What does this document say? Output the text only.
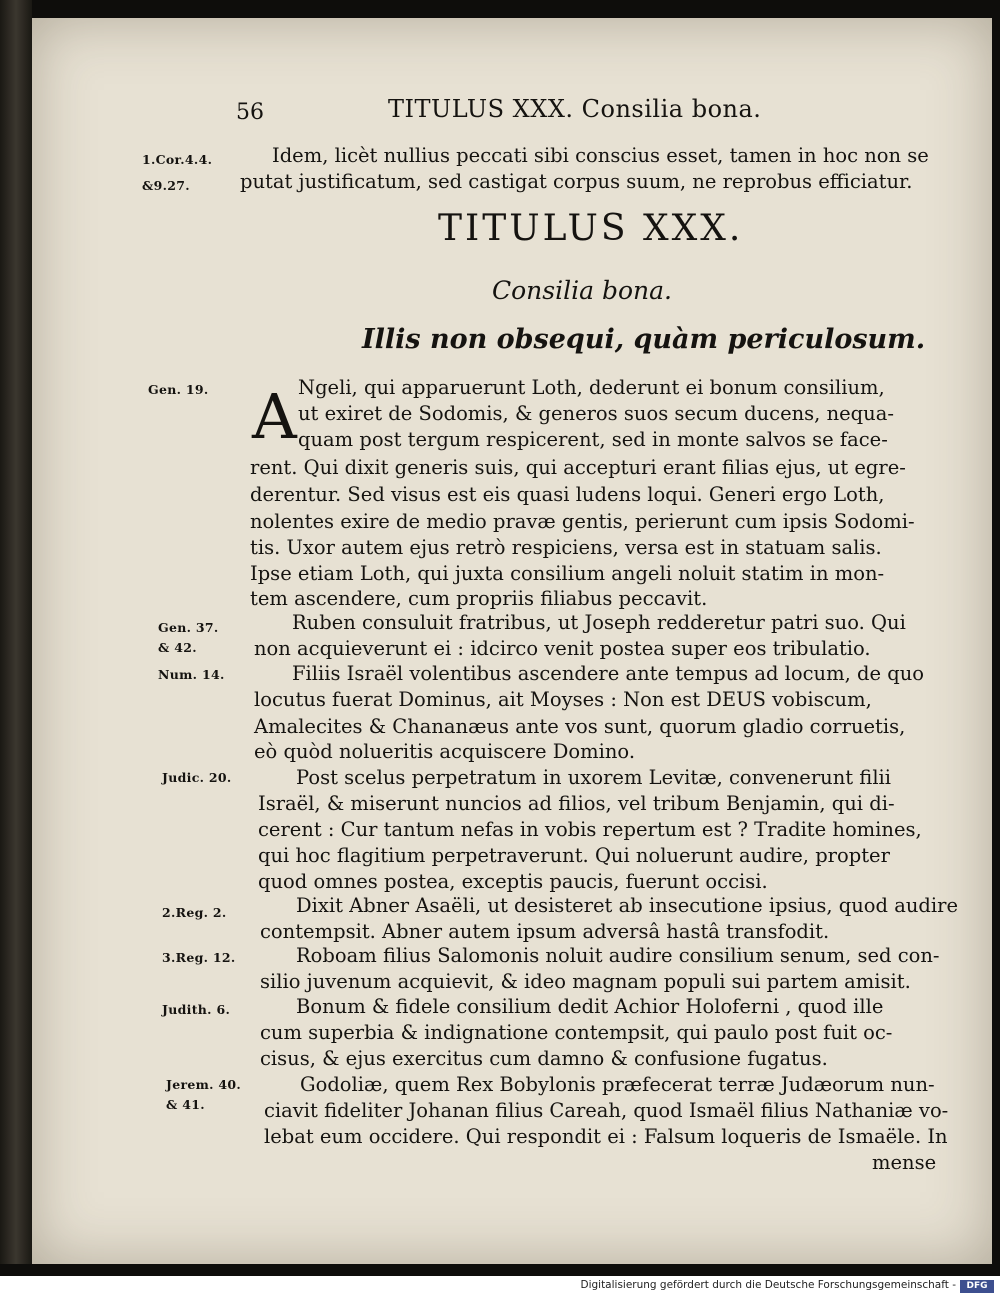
56	TITULUS XXX. Consilia bona.
1.Cor.4.4.
&9.27.
Idem, licèt nullius peccati sibi conscius esset, tamen in hoc non se
putat justificatum, sed castigat corpus suum, ne reprobus efficiatur.
TITULUS XXX.
Consilia bona.
Illis non obsequi, quàm periculosum.
Gen. 19. A Ngeli, qui apparuerunt Loth, dederunt ei bonum consilium,
ut exiret de Sodomis, & generos suos secum ducens, nequa-
quam post tergum respicerent, sed in monte salvos se face-
rent. Qui dixit generis suis, qui accepturi erant filias ejus, ut egre-
derentur. Sed visus est eis quasi ludens loqui. Generi ergo Loth,
nolentes exire de medio pravæ gentis, perierunt cum ipsis Sodomi-
tis. Uxor autem ejus retrò respiciens, versa est in statuam salis.
Ipse etiam Loth, qui juxta consilium angeli noluit statim in mon-
tem ascendere, cum propriis filiabus peccavit.
Gen. 37.
& 42.
Ruben consuluit fratribus, ut Joseph redderetur patri suo. Qui
non acquieverunt ei : idcirco venit postea super eos tribulatio.
Num. 14.	Filiis Israël volentibus ascendere ante tempus ad locum, de quo
locutus fuerat Dominus, ait Moyses : Non est DEUS vobiscum,
Amalecites & Chananæus ante vos sunt, quorum gladio corruetis,
eò quòd nolueritis acquiscere Domino.
Judic. 20.	Post scelus perpetratum in uxorem Levitæ, convenerunt filii
Israël, & miserunt nuncios ad filios, vel tribum Benjamin, qui di-
cerent : Cur tantum nefas in vobis repertum est ? Tradite homines,
qui hoc flagitium perpetraverunt. Qui noluerunt audire, propter
quod omnes postea, exceptis paucis, fuerunt occisi.
2.Reg. 2.	Dixit Abner Asaëli, ut desisteret ab insecutione ipsius, quod audire
contempsit. Abner autem ipsum adversâ hastâ transfodit.
3.Reg. 12.	Roboam filius Salomonis noluit audire consilium senum, sed con-
silio juvenum acquievit, & ideo magnam populi sui partem amisit.
Judith. 6.	Bonum & fidele consilium dedit Achior Holoferni , quod ille
cum superbia & indignatione contempsit, qui paulo post fuit oc-
cisus, & ejus exercitus cum damno & confusione fugatus.
Jerem. 40.
& 41.
Godoliæ, quem Rex Bobylonis præfecerat terræ Judæorum nun-
ciavit fideliter Johanan filius Careah, quod Ismaël filius Nathaniæ vo-
lebat eum occidere. Qui respondit ei : Falsum loqueris de Ismaële. In
mense
Digitalisierung gefördert durch die Deutsche Forschungsgemeinschaft -	DFG
